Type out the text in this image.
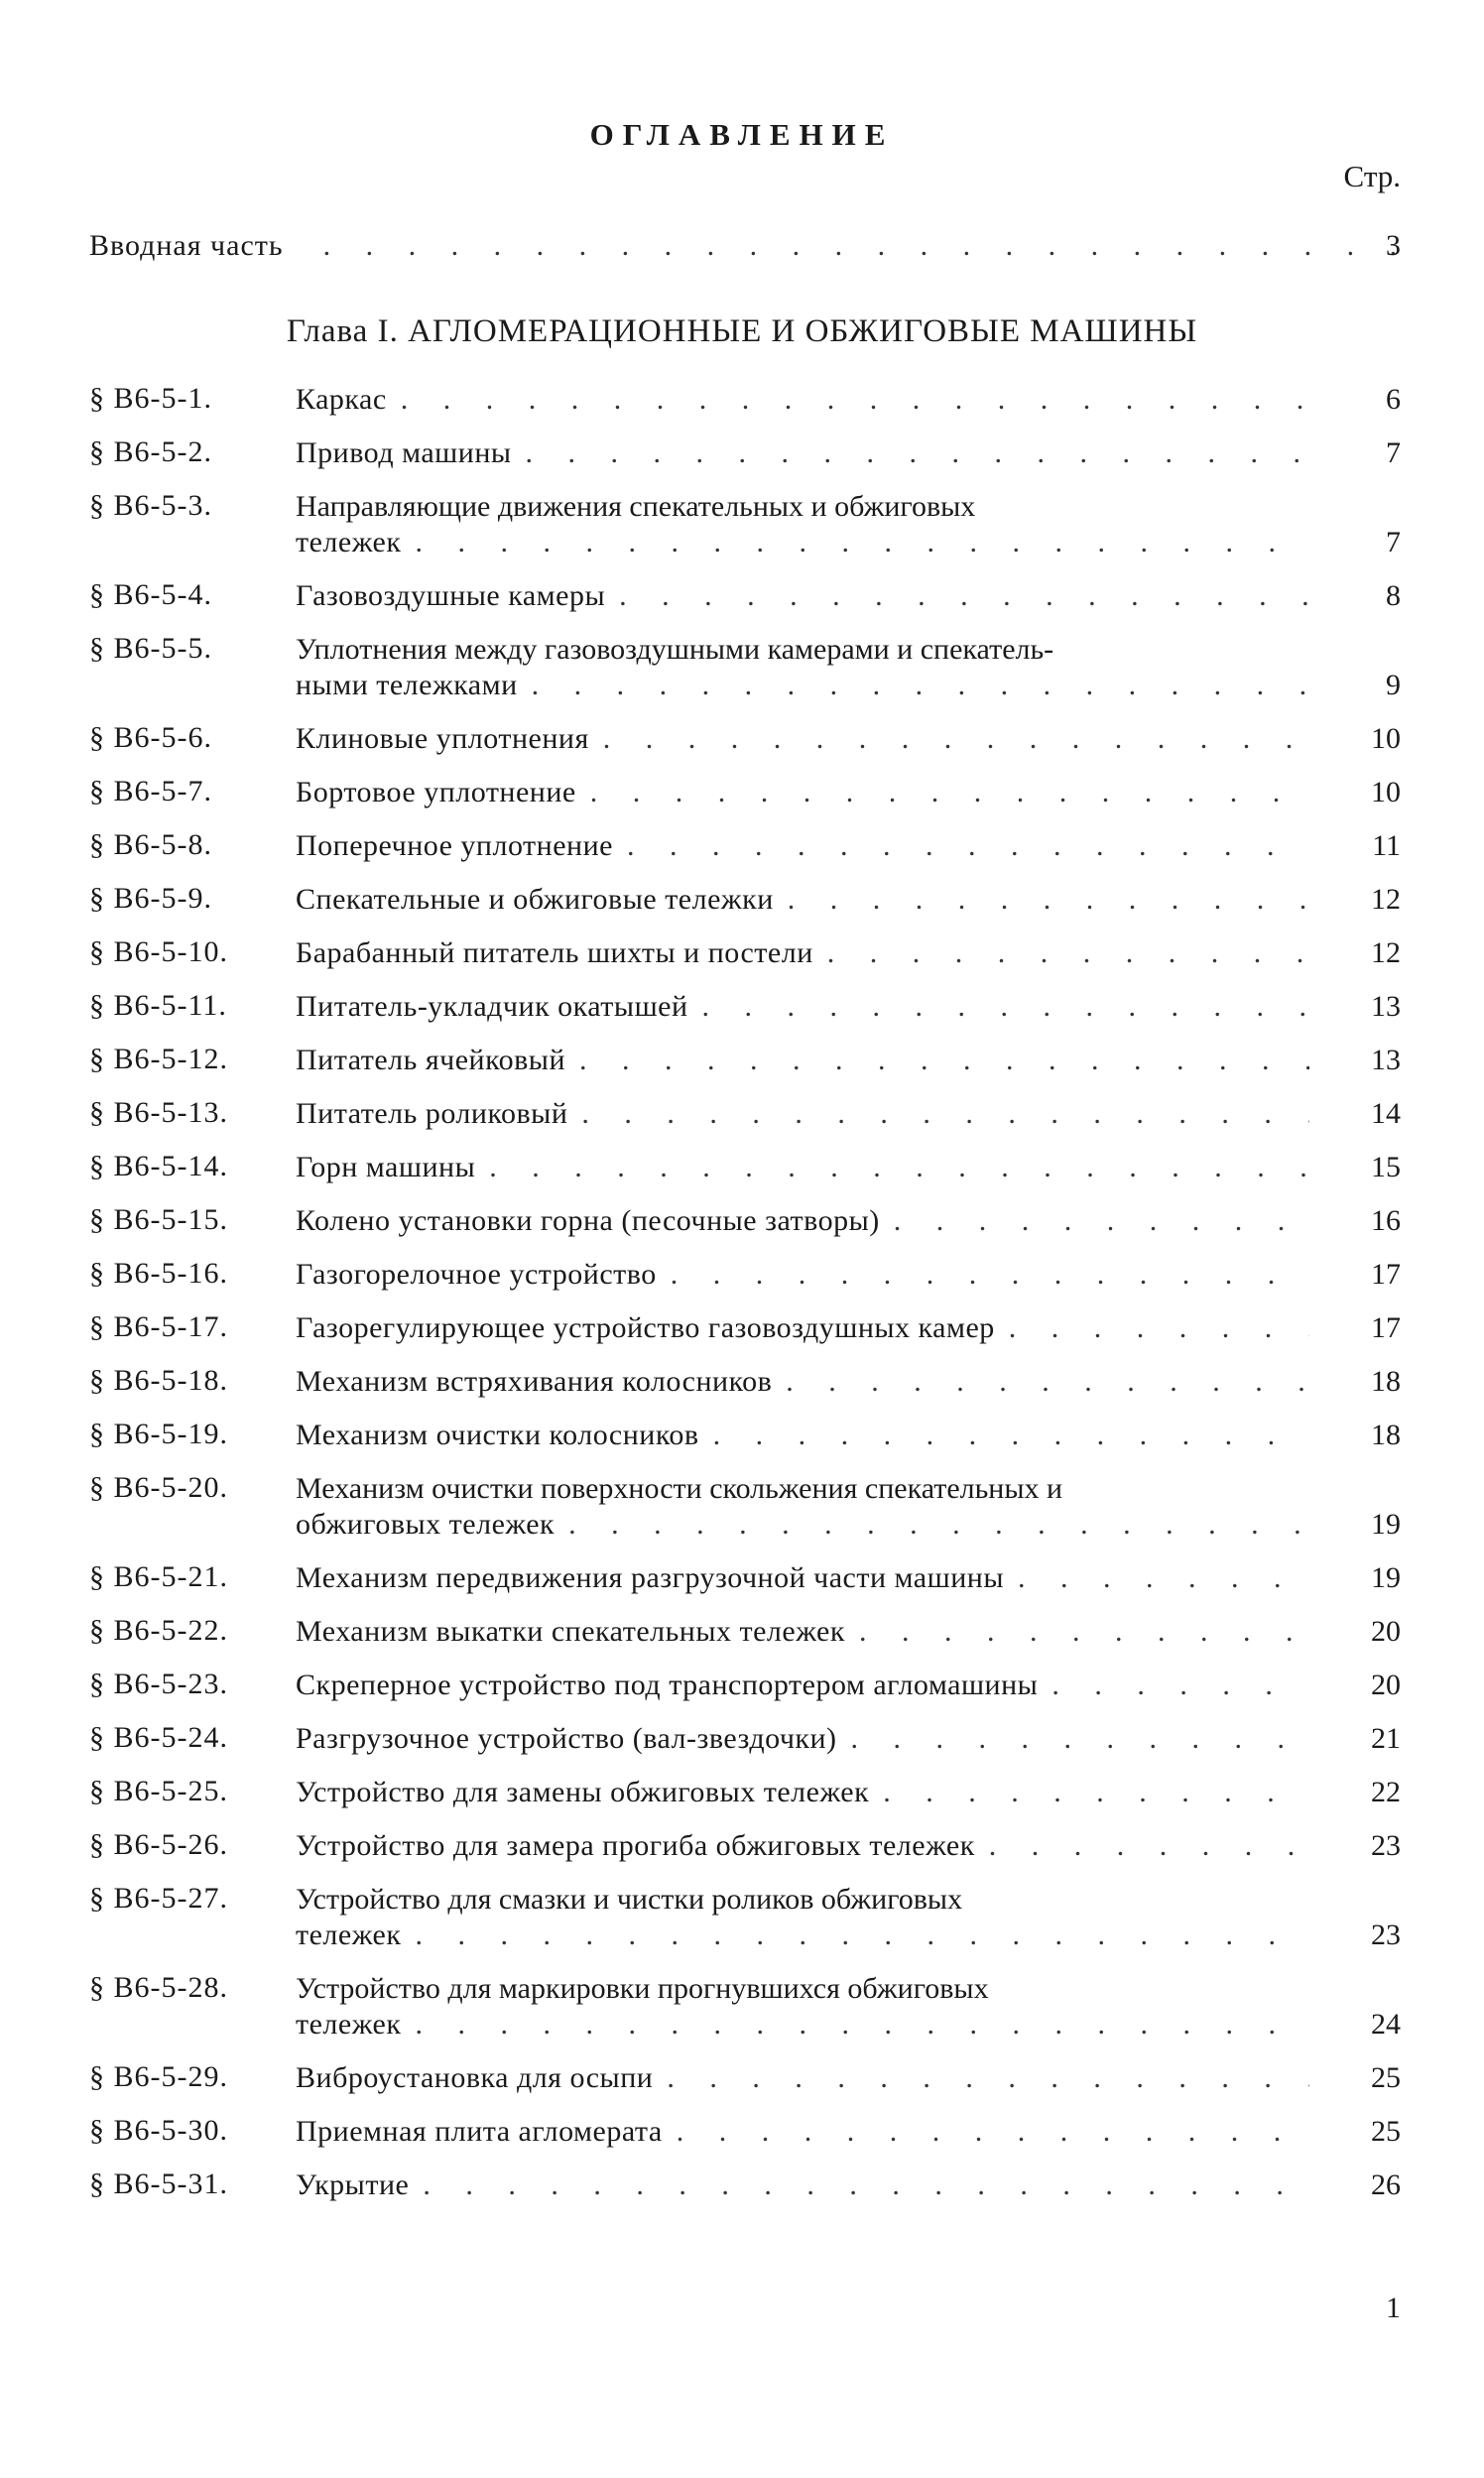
ОГЛАВЛЕНИЕ
Стр.
Вводная часть . . .	3
Глава I. АГЛОМЕРАЦИОННЫЕ И ОБЖИГОВЫЕ МАШИНЫ
§ В6-5-1.	Каркас . . .	6
§ В6-5-2.	Привод машины . . .	7
§ В6-5-3.	Направляющие движения спекательных и обжиговых
тележек . . .	7
§ В6-5-4.	Газовоздушные камеры . . .	8
§ В6-5-5.	Уплотнения между газовоздушными камерами и спекатель-
ными тележками . . .	9
§ В6-5-6.	Клиновые уплотнения . . .	10
§ В6-5-7.	Бортовое уплотнение . . .	10
§ В6-5-8.	Поперечное уплотнение . . .	11
§ В6-5-9.	Спекательные и обжиговые тележки . . .	12
§ В6-5-10.	Барабанный питатель шихты и постели . . .	12
§ В6-5-11.	Питатель-укладчик окатышей . . .	13
§ В6-5-12.	Питатель ячейковый . . .	13
§ В6-5-13.	Питатель роликовый . . .	14
§ В6-5-14.	Горн машины . . .	15
§ В6-5-15.	Колено установки горна (песочные затворы) . . .	16
§ В6-5-16.	Газогорелочное устройство . . .	17
§ В6-5-17.	Газорегулирующее устройство газовоздушных камер . . .	17
§ В6-5-18.	Механизм встряхивания колосников . . .	18
§ В6-5-19.	Механизм очистки колосников . . .	18
§ В6-5-20.	Механизм очистки поверхности скольжения спекательных и
обжиговых тележек . . .	19
§ В6-5-21.	Механизм передвижения разгрузочной части машины . . .	19
§ В6-5-22.	Механизм выкатки спекательных тележек . . .	20
§ В6-5-23.	Скреперное устройство под транспортером агломашины . . .	20
§ В6-5-24.	Разгрузочное устройство (вал-звездочки) . . .	21
§ В6-5-25.	Устройство для замены обжиговых тележек . . .	22
§ В6-5-26.	Устройство для замера прогиба обжиговых тележек . . .	23
§ В6-5-27.	Устройство для смазки и чистки роликов обжиговых
тележек . . .	23
§ В6-5-28.	Устройство для маркировки прогнувшихся обжиговых
тележек . . .	24
§ В6-5-29.	Виброустановка для осыпи . . .	25
§ В6-5-30.	Приемная плита агломерата . . .	25
§ В6-5-31.	Укрытие . . .	26
1
